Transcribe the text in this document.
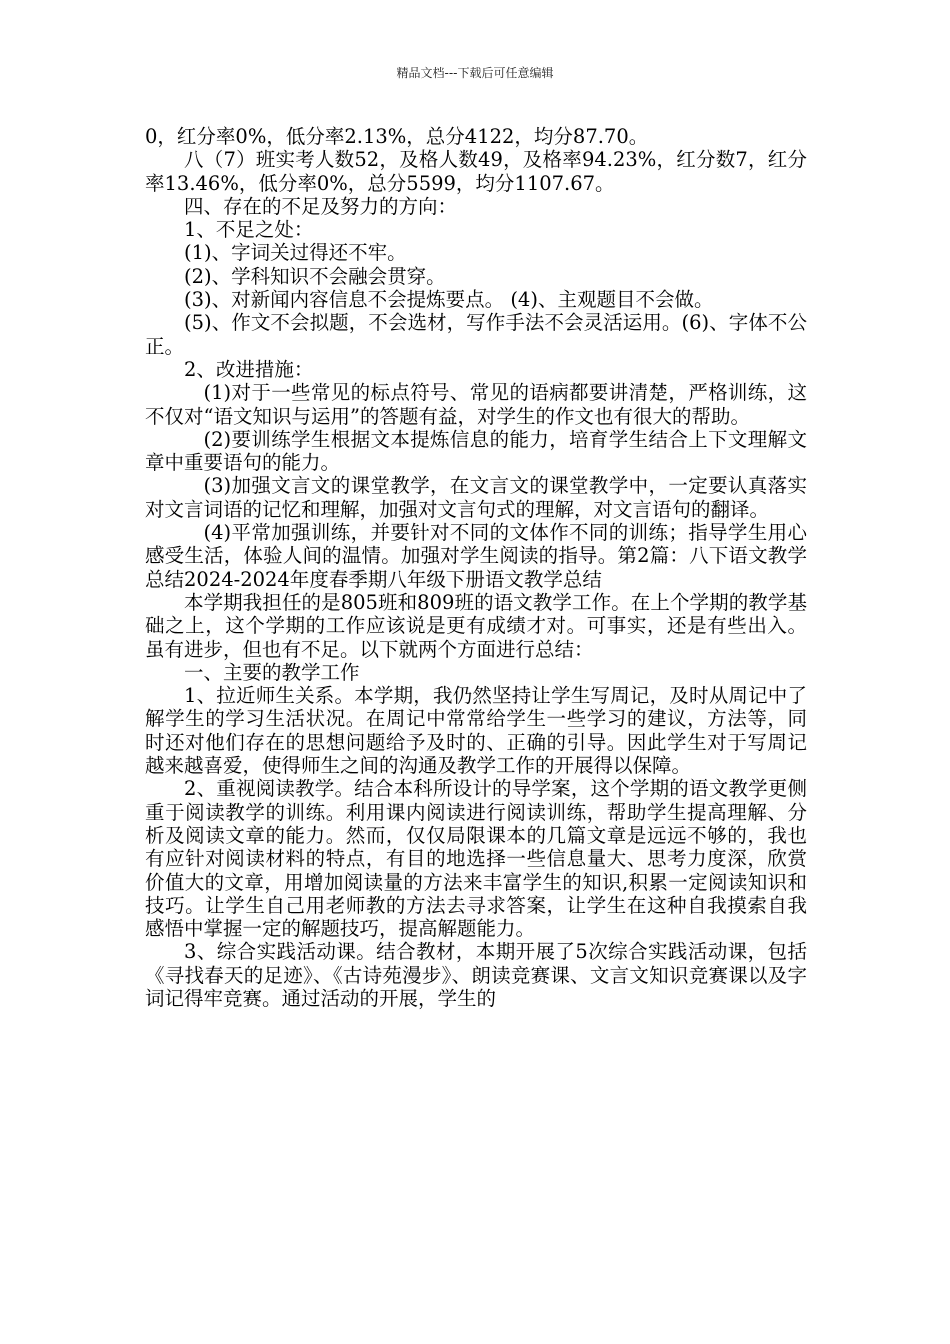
精品文档---下载后可任意编辑

0，红分率0%，低分率2.13%，总分4122，均分87.70。

八（7）班实考人数52，及格人数49，及格率94.23%，红分数7，红分率13.46%，低分率0%，总分5599，均分1107.67。

四、存在的不足及努力的方向：

1、不足之处：

(1)、字词关过得还不牢。

(2)、学科知识不会融会贯穿。

(3)、对新闻内容信息不会提炼要点。 (4)、主观题目不会做。

(5)、作文不会拟题，不会选材，写作手法不会灵活运用。(6)、字体不公正。

2、改进措施：

(1)对于一些常见的标点符号、常见的语病都要讲清楚，严格训练，这不仅对“语文知识与运用”的答题有益，对学生的作文也有很大的帮助。

(2)要训练学生根据文本提炼信息的能力，培育学生结合上下文理解文章中重要语句的能力。

(3)加强文言文的课堂教学，在文言文的课堂教学中，一定要认真落实对文言词语的记忆和理解，加强对文言句式的理解，对文言语句的翻译。

(4)平常加强训练，并要针对不同的文体作不同的训练；指导学生用心感受生活，体验人间的温情。加强对学生阅读的指导。第2篇：八下语文教学总结2024-2024年度春季期八年级下册语文教学总结

本学期我担任的是805班和809班的语文教学工作。在上个学期的教学基础之上，这个学期的工作应该说是更有成绩才对。可事实，还是有些出入。虽有进步，但也有不足。以下就两个方面进行总结：

一、主要的教学工作

1、拉近师生关系。本学期，我仍然坚持让学生写周记，及时从周记中了解学生的学习生活状况。在周记中常常给学生一些学习的建议，方法等，同时还对他们存在的思想问题给予及时的、正确的引导。因此学生对于写周记越来越喜爱，使得师生之间的沟通及教学工作的开展得以保障。

2、重视阅读教学。结合本科所设计的导学案，这个学期的语文教学更侧重于阅读教学的训练。利用课内阅读进行阅读训练，帮助学生提高理解、分析及阅读文章的能力。然而，仅仅局限课本的几篇文章是远远不够的，我也有应针对阅读材料的特点，有目的地选择一些信息量大、思考力度深，欣赏价值大的文章，用增加阅读量的方法来丰富学生的知识,积累一定阅读知识和技巧。让学生自己用老师教的方法去寻求答案，让学生在这种自我摸索自我感悟中掌握一定的解题技巧，提高解题能力。

3、综合实践活动课。结合教材，本期开展了5次综合实践活动课，包括《寻找春天的足迹》、《古诗苑漫步》、朗读竞赛课、文言文知识竞赛课以及字词记得牢竞赛。通过活动的开展，学生的
